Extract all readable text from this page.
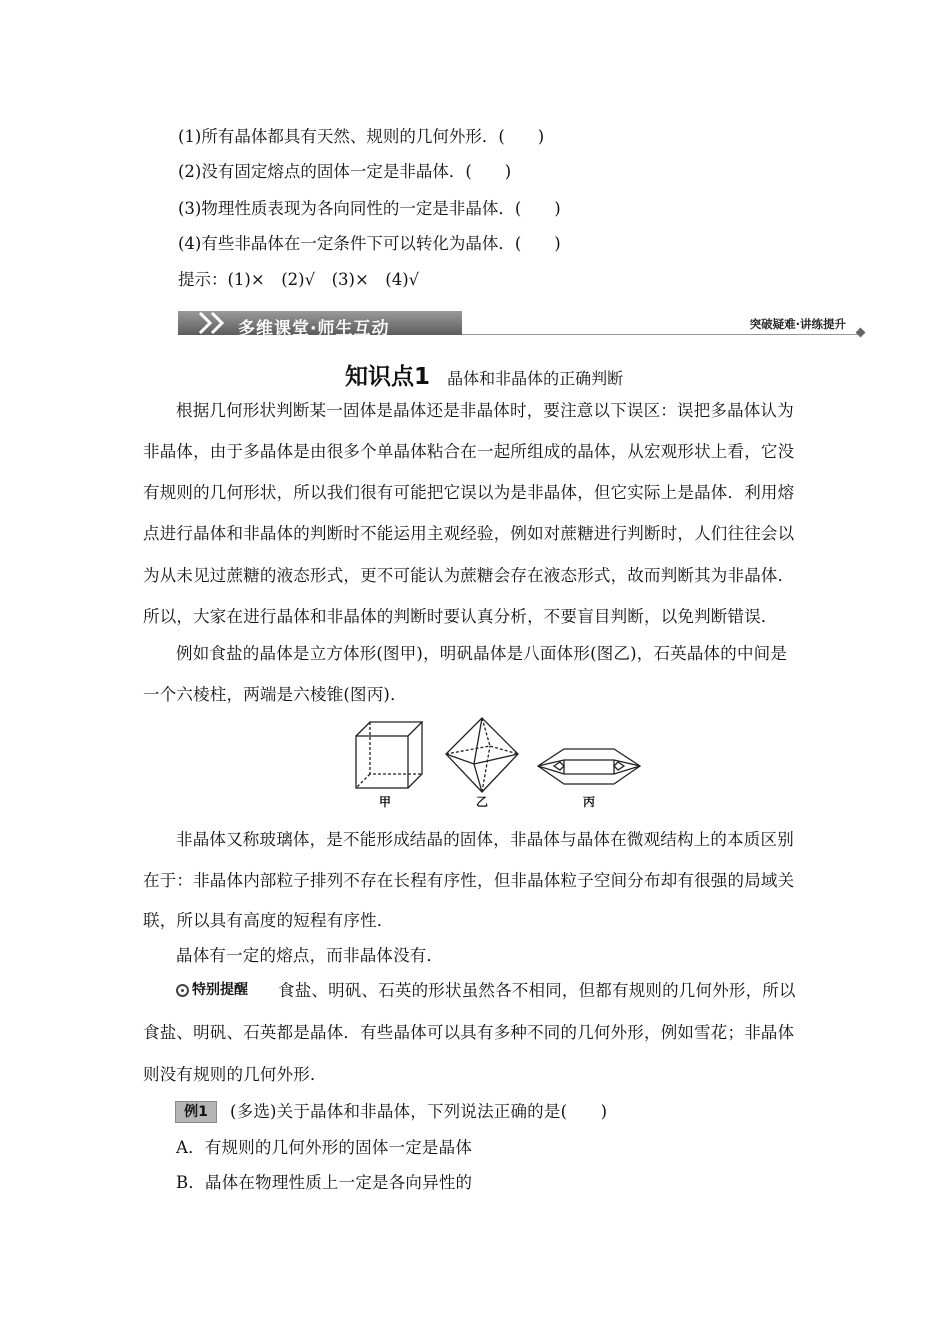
(1)所有晶体都具有天然、规则的几何外形．(　　)
(2)没有固定熔点的固体一定是非晶体．(　　)
(3)物理性质表现为各向同性的一定是非晶体．(　　)
(4)有些非晶体在一定条件下可以转化为晶体．(　　)
提示：(1)×　(2)√　(3)×　(4)√
多维课堂·师生互动	突破疑难·讲练提升
知识点1 晶体和非晶体的正确判断
根据几何形状判断某一固体是晶体还是非晶体时，要注意以下误区：误把多晶体认为
非晶体，由于多晶体是由很多个单晶体粘合在一起所组成的晶体，从宏观形状上看，它没
有规则的几何形状，所以我们很有可能把它误以为是非晶体，但它实际上是晶体．利用熔
点进行晶体和非晶体的判断时不能运用主观经验，例如对蔗糖进行判断时，人们往往会以
为从未见过蔗糖的液态形式，更不可能认为蔗糖会存在液态形式，故而判断其为非晶体．
所以，大家在进行晶体和非晶体的判断时要认真分析，不要盲目判断，以免判断错误．
例如食盐的晶体是立方体形(图甲)，明矾晶体是八面体形(图乙)，石英晶体的中间是
一个六棱柱，两端是六棱锥(图丙)．
甲	乙	丙
非晶体又称玻璃体，是不能形成结晶的固体，非晶体与晶体在微观结构上的本质区别
在于：非晶体内部粒子排列不存在长程有序性，但非晶体粒子空间分布却有很强的局域关
联，所以具有高度的短程有序性．
晶体有一定的熔点，而非晶体没有．
特别提醒 食盐、明矾、石英的形状虽然各不相同，但都有规则的几何外形，所以
食盐、明矾、石英都是晶体．有些晶体可以具有多种不同的几何外形，例如雪花；非晶体
则没有规则的几何外形．
例1	(多选)关于晶体和非晶体，下列说法正确的是(　　)
A．有规则的几何外形的固体一定是晶体
B．晶体在物理性质上一定是各向异性的
